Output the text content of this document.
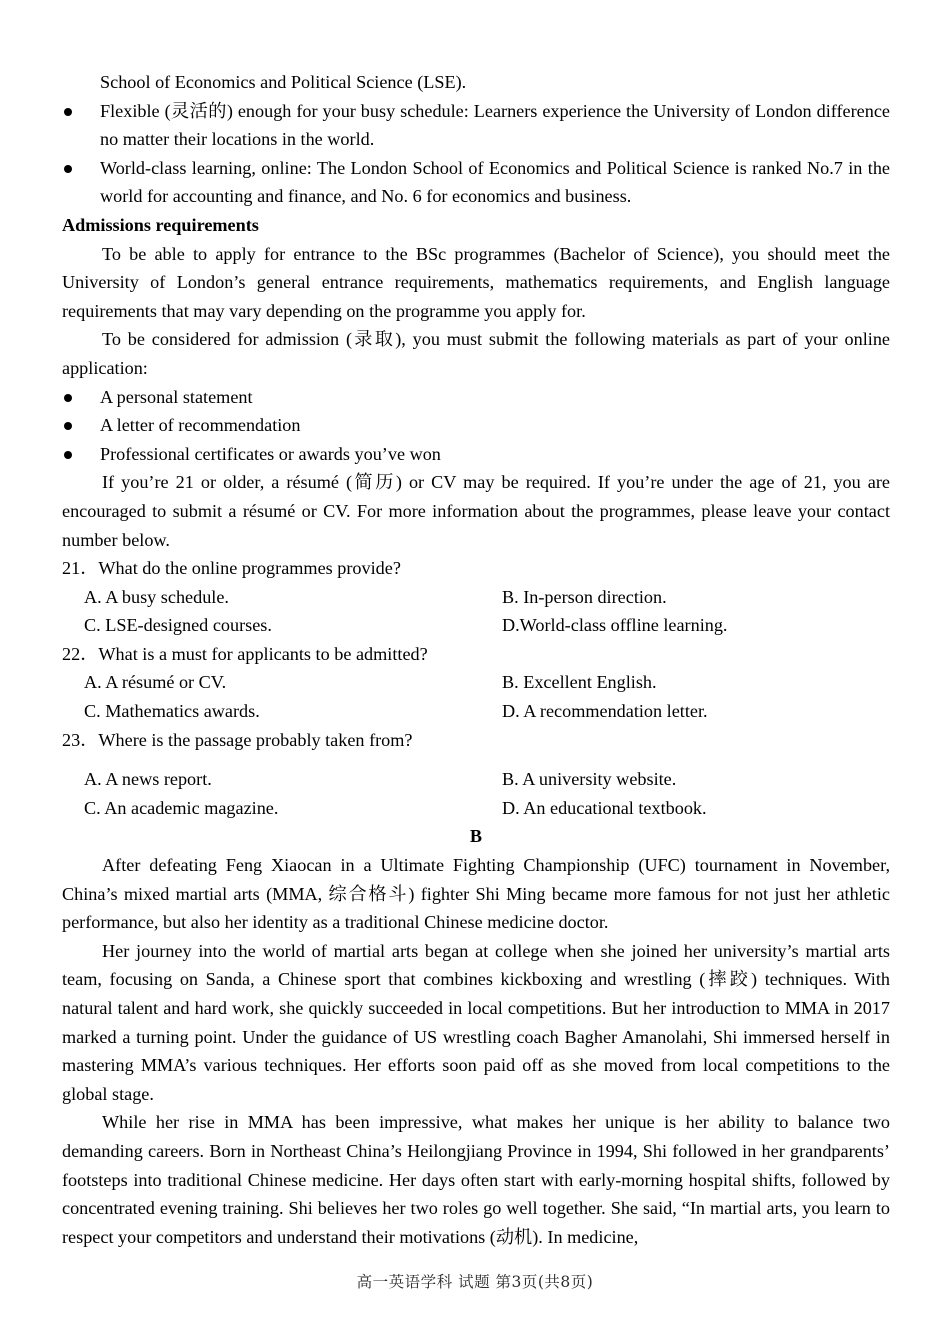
School of Economics and Political Science (LSE).
Flexible (灵活的) enough for your busy schedule: Learners experience the University of London difference no matter their locations in the world.
World-class learning, online: The London School of Economics and Political Science is ranked No.7 in the world for accounting and finance, and No. 6 for economics and business.
Admissions requirements
To be able to apply for entrance to the BSc programmes (Bachelor of Science), you should meet the University of London’s general entrance requirements, mathematics requirements, and English language requirements that may vary depending on the programme you apply for.
To be considered for admission (录取), you must submit the following materials as part of your online application:
A personal statement
A letter of recommendation
Professional certificates or awards you’ve won
If you’re 21 or older, a résumé (简历) or CV may be required. If you’re under the age of 21, you are encouraged to submit a résumé or CV. For more information about the programmes, please leave your contact number below.
21．What do the online programmes provide?
A. A busy schedule.	B. In-person direction.
C. LSE-designed courses.	D.World-class offline learning.
22．What is a must for applicants to be admitted?
A. A résumé or CV.	B. Excellent English.
C. Mathematics awards.	D. A recommendation letter.
23．Where is the passage probably taken from?
A. A news report.	B. A university website.
C. An academic magazine.	D. An educational textbook.
B
After defeating Feng Xiaocan in a Ultimate Fighting Championship (UFC) tournament in November, China’s mixed martial arts (MMA, 综合格斗) fighter Shi Ming became more famous for not just her athletic performance, but also her identity as a traditional Chinese medicine doctor.
Her journey into the world of martial arts began at college when she joined her university’s martial arts team, focusing on Sanda, a Chinese sport that combines kickboxing and wrestling (摔跤) techniques. With natural talent and hard work, she quickly succeeded in local competitions. But her introduction to MMA in 2017 marked a turning point. Under the guidance of US wrestling coach Bagher Amanolahi, Shi immersed herself in mastering MMA’s various techniques. Her efforts soon paid off as she moved from local competitions to the global stage.
While her rise in MMA has been impressive, what makes her unique is her ability to balance two demanding careers. Born in Northeast China’s Heilongjiang Province in 1994, Shi followed in her grandparents’ footsteps into traditional Chinese medicine. Her days often start with early-morning hospital shifts, followed by concentrated evening training. Shi believes her two roles go well together. She said, “In martial arts, you learn to respect your competitors and understand their motivations (动机). In medicine,
高一英语学科 试题 第3页(共8页)
